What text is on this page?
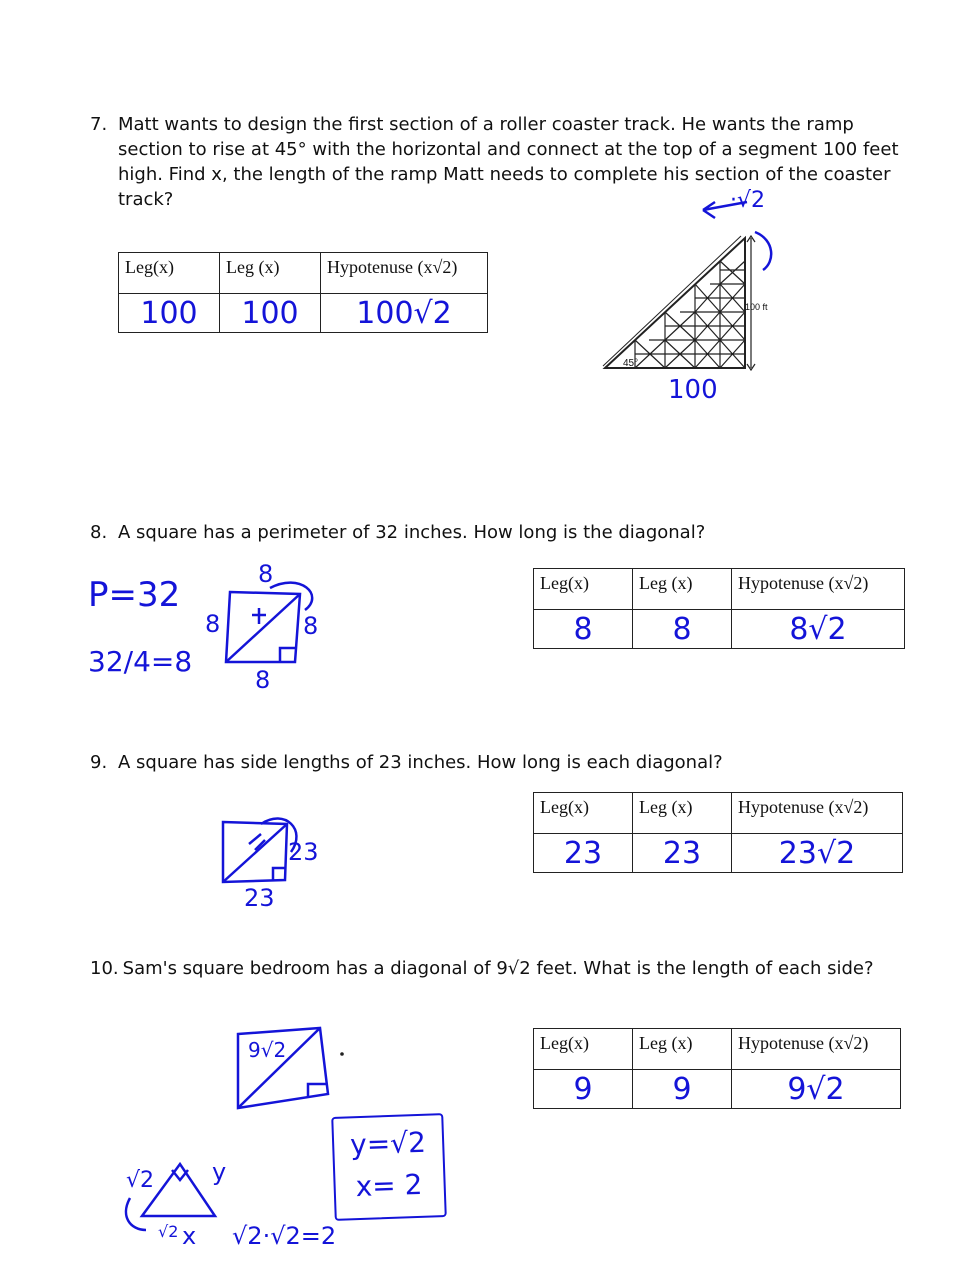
7. Matt wants to design the first section of a roller coaster track. He wants the ramp
section to rise at 45° with the horizontal and connect at the top of a segment 100 feet
high. Find x, the length of the ramp Matt needs to complete his section of the coaster
track?
Leg(x)	Leg (x)	Hypotenuse (x√2)
100	100	100√2	100 ft
45°
·√2
100
8. A square has a perimeter of 32 inches. How long is the diagonal?
P=32
32/4=8
8
8	8
8
Leg(x)	Leg (x)	Hypotenuse (x√2)
8	8	8√2
9. A square has side lengths of 23 inches. How long is each diagonal?
23
23
Leg(x)	Leg (x)	Hypotenuse (x√2)
23	23	23√2
10. Sam's square bedroom has a diagonal of 9√2 feet. What is the length of each side?
9√2
√2 y
√2 x √2·√2=2
y=√2
x= 2
Leg(x)	Leg (x)	Hypotenuse (x√2)
9	9	9√2
